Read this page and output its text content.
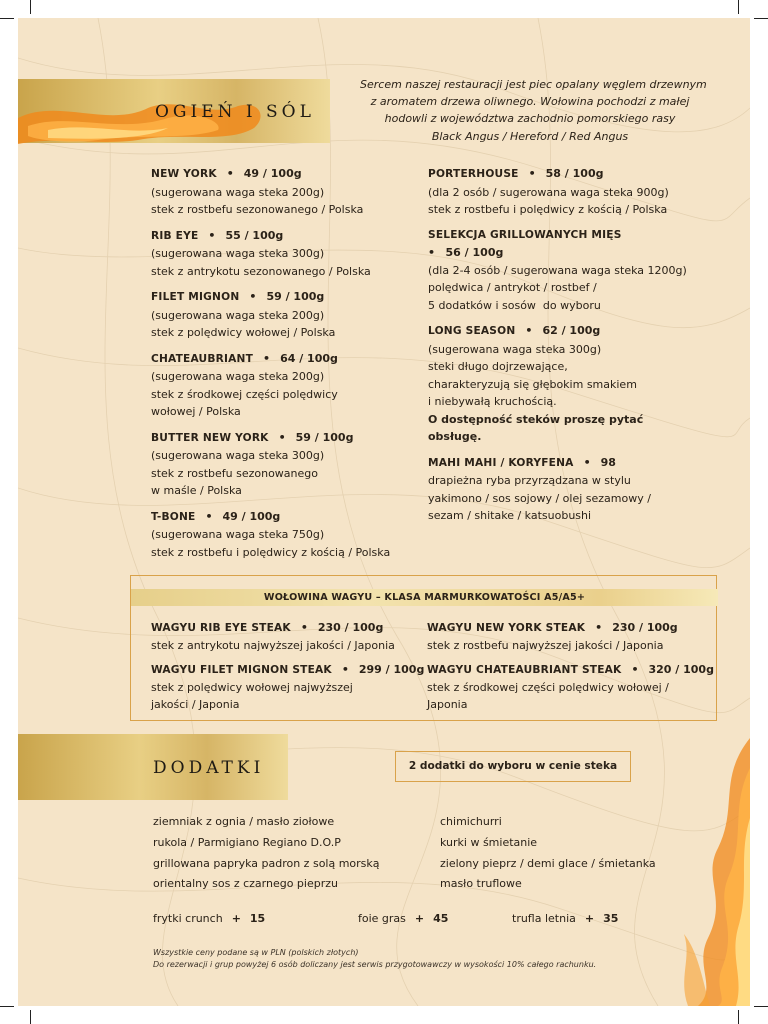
OGIEŃ I SÓL
Sercem naszej restauracji jest piec opalany węglem drzewnym
z aromatem drzewa oliwnego. Wołowina pochodzi z małej
hodowli z województwa zachodnio pomorskiego rasy
Black Angus / Hereford / Red Angus
NEW YORK • 49 / 100g
(sugerowana waga steka 200g)
stek z rostbefu sezonowanego / Polska
RIB EYE • 55 / 100g
(sugerowana waga steka 300g)
stek z antrykotu sezonowanego / Polska
FILET MIGNON • 59 / 100g
(sugerowana waga steka 200g)
stek z polędwicy wołowej / Polska
CHATEAUBRIANT • 64 / 100g
(sugerowana waga steka 200g)
stek z środkowej części polędwicy
wołowej / Polska
BUTTER NEW YORK • 59 / 100g
(sugerowana waga steka 300g)
stek z rostbefu sezonowanego
w maśle / Polska
T-BONE • 49 / 100g
(sugerowana waga steka 750g)
stek z rostbefu i polędwicy z kością / Polska
PORTERHOUSE • 58 / 100g
(dla 2 osób / sugerowana waga steka 900g)
stek z rostbefu i polędwicy z kością / Polska
SELEKCJA GRILLOWANYCH MIĘS
• 56 / 100g
(dla 2-4 osób / sugerowana waga steka 1200g)
polędwica / antrykot / rostbef /
5 dodatków i sosów  do wyboru
LONG SEASON • 62 / 100g
(sugerowana waga steka 300g)
steki długo dojrzewające,
charakteryzują się głębokim smakiem
i niebywałą kruchością.
O dostępność steków proszę pytać
obsługę.
MAHI MAHI / KORYFENA • 98
drapieżna ryba przyrządzana w stylu
yakimono / sos sojowy / olej sezamowy /
sezam / shitake / katsuobushi
WOŁOWINA WAGYU – KLASA MARMURKOWATOŚCI A5/A5+
WAGYU RIB EYE STEAK • 230 / 100g
stek z antrykotu najwyższej jakości / Japonia
WAGYU FILET MIGNON STEAK • 299 / 100g
stek z polędwicy wołowej najwyższej
jakości / Japonia
WAGYU NEW YORK STEAK • 230 / 100g
stek z rostbefu najwyższej jakości / Japonia
WAGYU CHATEAUBRIANT STEAK • 320 / 100g
stek z środkowej części polędwicy wołowej /
Japonia
DODATKI	2 dodatki do wyboru w cenie steka
ziemniak z ognia / masło ziołowe
rukola / Parmigiano Regiano D.O.P
grillowana papryka padron z solą morską
orientalny sos z czarnego pieprzu
chimichurri
kurki w śmietanie
zielony pieprz / demi glace / śmietanka
masło truflowe
frytki crunch + 15	foie gras + 45	trufla letnia + 35
Wszystkie ceny podane są w PLN (polskich złotych)
Do rezerwacji i grup powyżej 6 osób doliczany jest serwis przygotowawczy w wysokości 10% całego rachunku.
